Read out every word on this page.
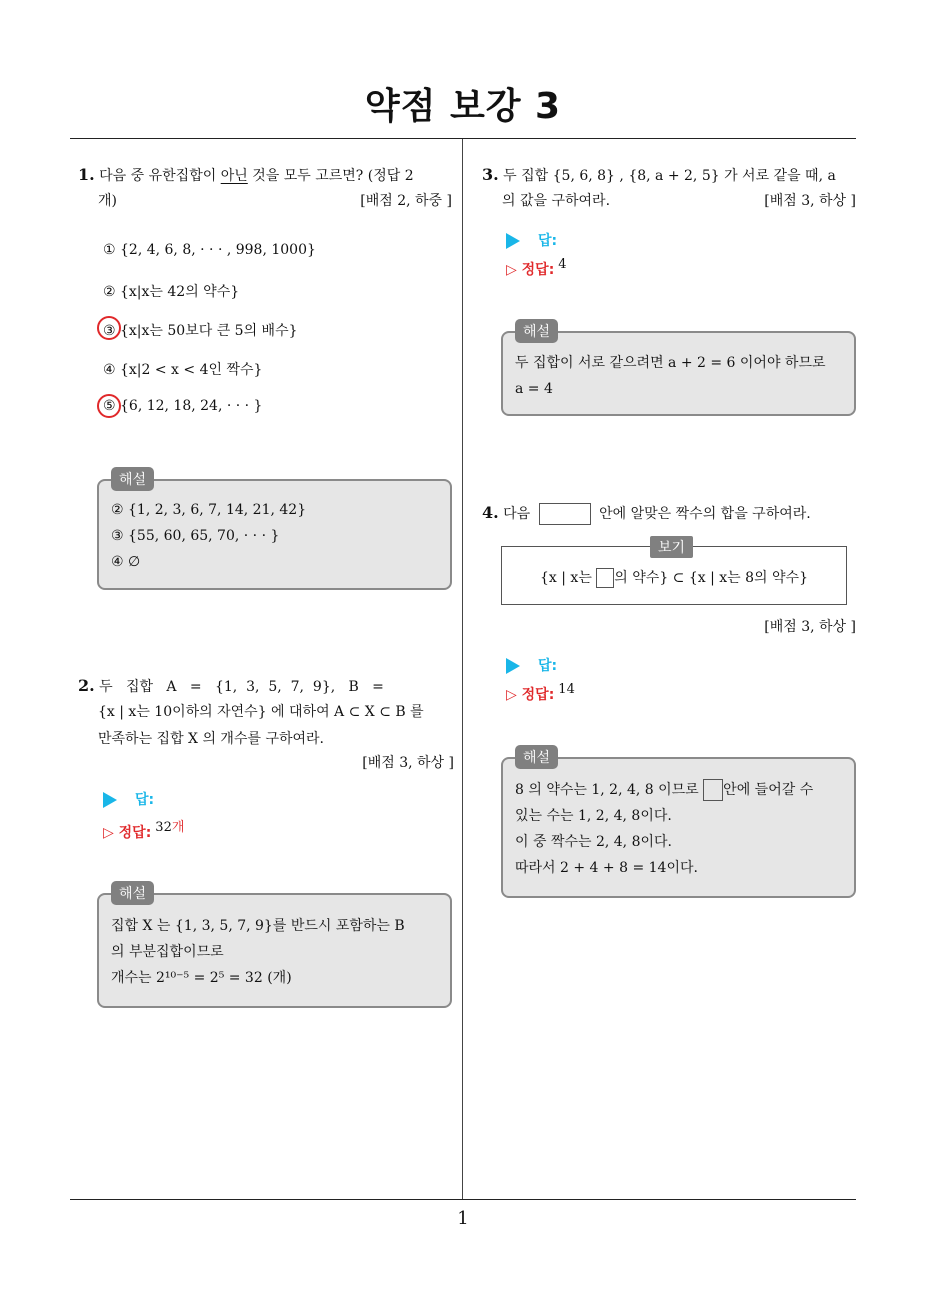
약점 보강 3
1
1. 다음 중 유한집합이 아닌 것을 모두 고르면? (정답 2
개)	[배점 2, 하중 ]
① {2, 4, 6, 8, · · · , 998, 1000}
② {x|x는 42의 약수}
③ {x|x는 50보다 큰 5의 배수}
④ {x|2 < x < 4인 짝수}
⑤ {6, 12, 18, 24, · · · }
해설
② {1, 2, 3, 6, 7, 14, 21, 42}
③ {55, 60, 65, 70, · · · }
④ ∅
2. 두   집합   A   =   {1,  3,  5,  7,  9},   B   =
{x | x는 10이하의 자연수} 에 대하여 A ⊂ X ⊂ B 를
만족하는 집합 X 의 개수를 구하여라.
[배점 3, 하상 ]
답:
▷ 정답: 32개
해설
집합 X 는 {1, 3, 5, 7, 9}를 반드시 포함하는 B
의 부분집합이므로
개수는 2¹⁰⁻⁵ = 2⁵ = 32 (개)
3. 두 집합 {5, 6, 8} , {8, a + 2, 5} 가 서로 같을 때, a
의 값을 구하여라.	[배점 3, 하상 ]
답:
▷ 정답: 4
해설
두 집합이 서로 같으려면 a + 2 = 6 이어야 하므로
a = 4
4. 다음	안에 알맞은 짝수의 합을 구하여라.
보기
{x | x는 의 약수} ⊂ {x | x는 8의 약수}
[배점 3, 하상 ]
답:
▷ 정답: 14
해설
8 의 약수는 1, 2, 4, 8 이므로 안에 들어갈 수
있는 수는 1, 2, 4, 8이다.
이 중 짝수는 2, 4, 8이다.
따라서 2 + 4 + 8 = 14이다.
